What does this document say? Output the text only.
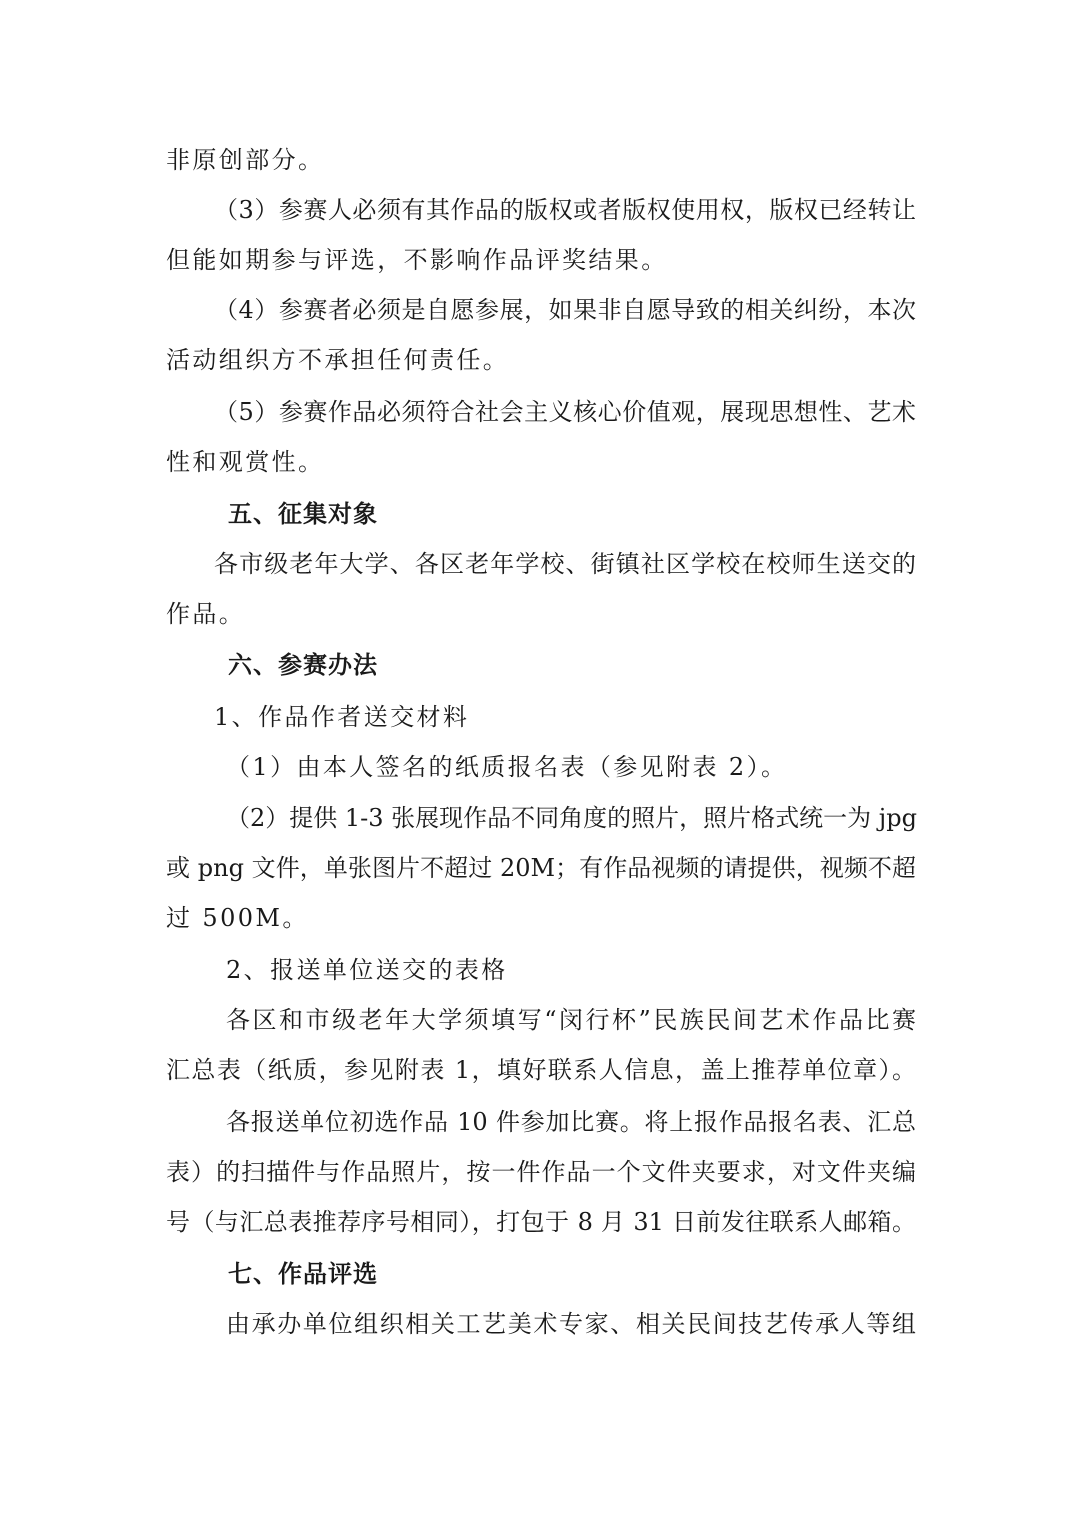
非原创部分。
（3）参赛人必须有其作品的版权或者版权使用权，版权已经转让
但能如期参与评选，不影响作品评奖结果。
（4）参赛者必须是自愿参展，如果非自愿导致的相关纠纷，本次
活动组织方不承担任何责任。
（5）参赛作品必须符合社会主义核心价值观，展现思想性、艺术
性和观赏性。
五、征集对象
各市级老年大学、各区老年学校、街镇社区学校在校师生送交的
作品。
六、参赛办法
1、作品作者送交材料
（1）由本人签名的纸质报名表（参见附表 2）。
（2）提供 1-3 张展现作品不同角度的照片，照片格式统一为 jpg
或 png 文件，单张图片不超过 20M；有作品视频的请提供，视频不超
过 500M。
2、报送单位送交的表格
各区和市级老年大学须填写“闵行杯”民族民间艺术作品比赛
汇总表（纸质，参见附表 1，填好联系人信息，盖上推荐单位章）。
各报送单位初选作品 10 件参加比赛。将上报作品报名表、汇总
表）的扫描件与作品照片，按一件作品一个文件夹要求，对文件夹编
号（与汇总表推荐序号相同），打包于 8 月 31 日前发往联系人邮箱。
七、作品评选
由承办单位组织相关工艺美术专家、相关民间技艺传承人等组
